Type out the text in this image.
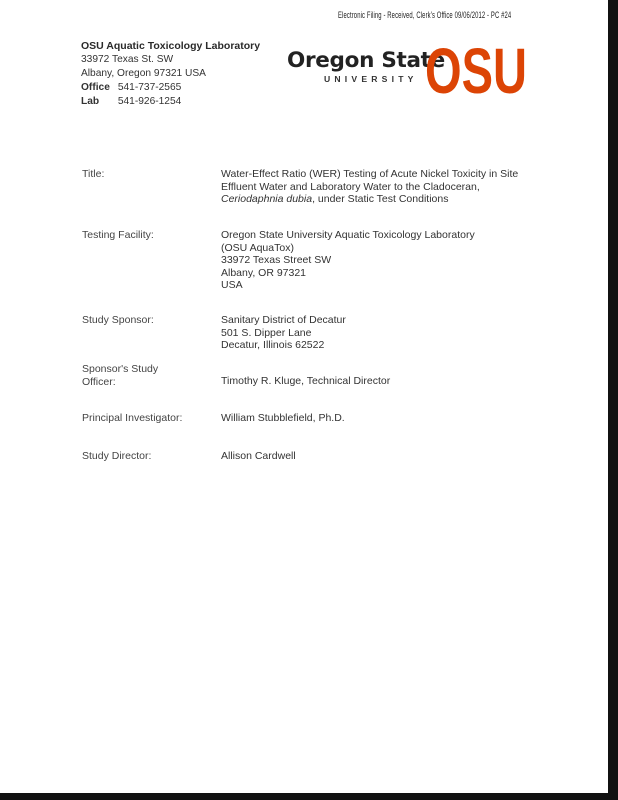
Electronic Filing - Received, Clerk's Office 09/06/2012 - PC #24
OSU Aquatic Toxicology Laboratory
33972 Texas St. SW
Albany, Oregon 97321 USA
Office 541-737-2565
Lab 541-926-1254
Oregon State
UNIVERSITY OSU
Title:	Water-Effect Ratio (WER) Testing of Acute Nickel Toxicity in Site
Effluent Water and Laboratory Water to the Cladoceran,
Ceriodaphnia dubia, under Static Test Conditions
Testing Facility:	Oregon State University Aquatic Toxicology Laboratory
(OSU AquaTox)
33972 Texas Street SW
Albany, OR 97321
USA
Study Sponsor:	Sanitary District of Decatur
501 S. Dipper Lane
Decatur, Illinois 62522
Sponsor's Study
Officer:	Timothy R. Kluge, Technical Director
Principal Investigator:	William Stubblefield, Ph.D.
Study Director:	Allison Cardwell
